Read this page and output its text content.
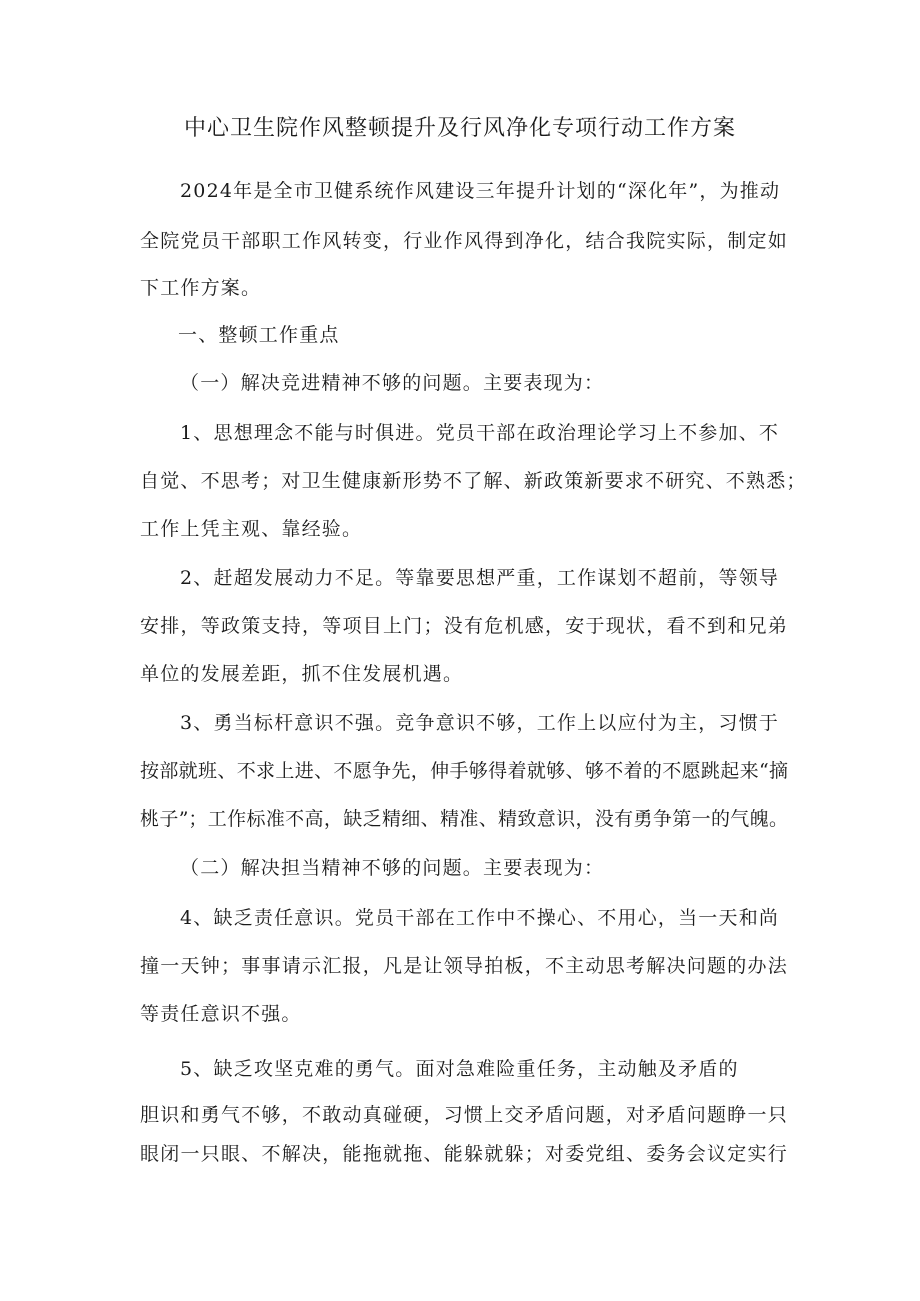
中心卫生院作风整顿提升及行风净化专项行动工作方案
2024年是全市卫健系统作风建设三年提升计划的“深化年”，为推动
全院党员干部职工作风转变，行业作风得到净化，结合我院实际，制定如
下工作方案。
一、整顿工作重点
（一）解决竞进精神不够的问题。主要表现为：
1、思想理念不能与时俱进。党员干部在政治理论学习上不参加、不
自觉、不思考；对卫生健康新形势不了解、新政策新要求不研究、不熟悉；
工作上凭主观、靠经验。
2、赶超发展动力不足。等靠要思想严重，工作谋划不超前，等领导
安排，等政策支持，等项目上门；没有危机感，安于现状，看不到和兄弟
单位的发展差距，抓不住发展机遇。
3、勇当标杆意识不强。竞争意识不够，工作上以应付为主，习惯于
按部就班、不求上进、不愿争先，伸手够得着就够、够不着的不愿跳起来“摘
桃子”；工作标准不高，缺乏精细、精准、精致意识，没有勇争第一的气魄。
（二）解决担当精神不够的问题。主要表现为：
4、缺乏责任意识。党员干部在工作中不操心、不用心，当一天和尚
撞一天钟；事事请示汇报，凡是让领导拍板，不主动思考解决问题的办法
等责任意识不强。
5、缺乏攻坚克难的勇气。面对急难险重任务，主动触及矛盾的
胆识和勇气不够，不敢动真碰硬，习惯上交矛盾问题，对矛盾问题睁一只
眼闭一只眼、不解决，能拖就拖、能躲就躲；对委党组、委务会议定实行
